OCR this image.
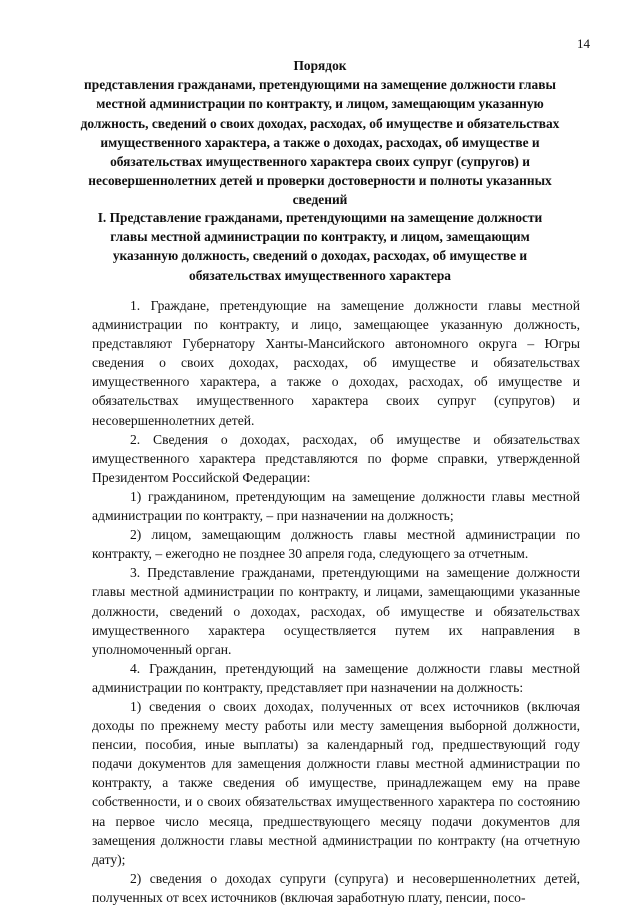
14
Порядок
представления гражданами, претендующими на замещение должности главы местной администрации по контракту, и лицом, замещающим указанную должность, сведений о своих доходах, расходах, об имуществе и обязательствах имущественного характера, а также о доходах, расходах, об имуществе и обязательствах имущественного характера своих супруг (супругов) и несовершеннолетних детей и проверки достоверности и полноты указанных сведений
I. Представление гражданами, претендующими на замещение должности главы местной администрации по контракту, и лицом, замещающим указанную должность, сведений о доходах, расходах, об имуществе и обязательствах имущественного характера

1. Граждане, претендующие на замещение должности главы местной администрации по контракту, и лицо, замещающее указанную должность, представляют Губернатору Ханты-Мансийского автономного округа – Югры сведения о своих доходах, расходах, об имуществе и обязательствах имущественного характера, а также о доходах, расходах, об имуществе и обязательствах имущественного характера своих супруг (супругов) и несовершеннолетних детей.

2. Сведения о доходах, расходах, об имуществе и обязательствах имущественного характера представляются по форме справки, утвержденной Президентом Российской Федерации:

1) гражданином, претендующим на замещение должности главы местной администрации по контракту, – при назначении на должность;

2) лицом, замещающим должность главы местной администрации по контракту, – ежегодно не позднее 30 апреля года, следующего за отчетным.

3. Представление гражданами, претендующими на замещение должности главы местной администрации по контракту, и лицами, замещающими указанные должности, сведений о доходах, расходах, об имуществе и обязательствах имущественного характера осуществляется путем их направления в уполномоченный орган.

4. Гражданин, претендующий на замещение должности главы местной администрации по контракту, представляет при назначении на должность:

1) сведения о своих доходах, полученных от всех источников (включая доходы по прежнему месту работы или месту замещения выборной должности, пенсии, пособия, иные выплаты) за календарный год, предшествующий году подачи документов для замещения должности главы местной администрации по контракту, а также сведения об имуществе, принадлежащем ему на праве собственности, и о своих обязательствах имущественного характера по состоянию на первое число месяца, предшествующего месяцу подачи документов для замещения должности главы местной администрации по контракту (на отчетную дату);

2) сведения о доходах супруги (супруга) и несовершеннолетних детей, полученных от всех источников (включая заработную плату, пенсии, посо-
